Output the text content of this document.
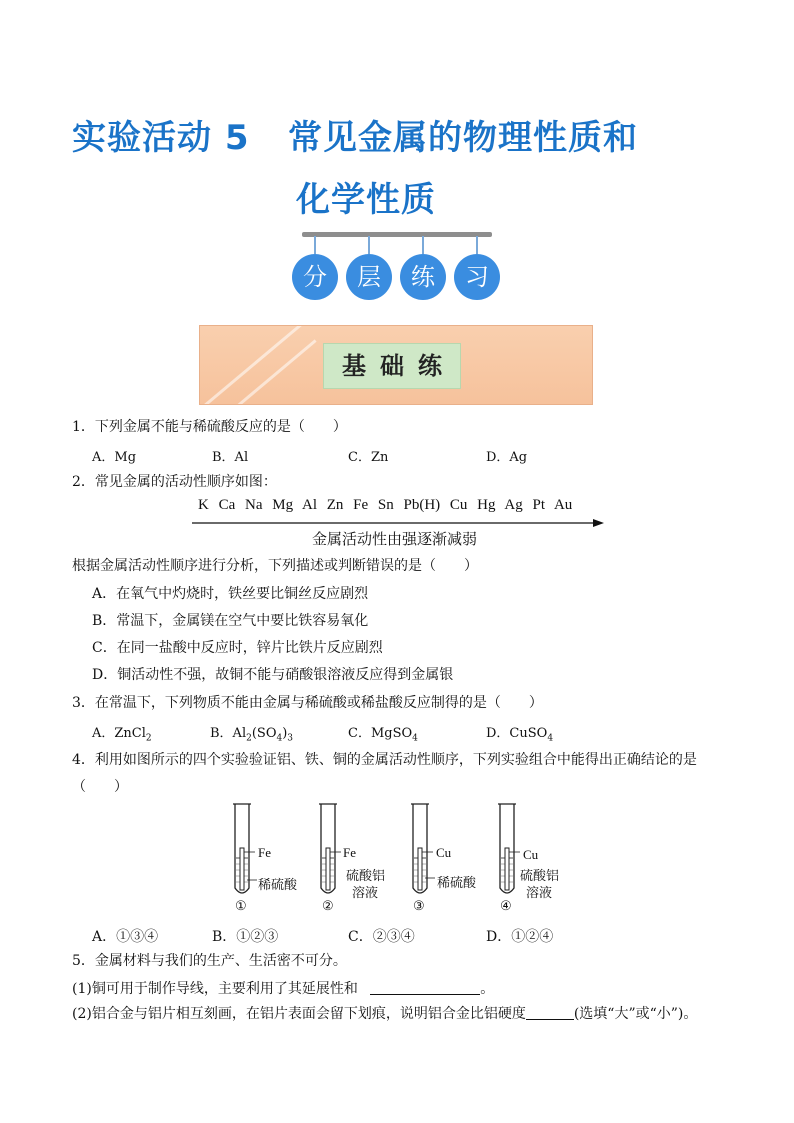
实验活动 5 常见金属的物理性质和
化学性质
分	层	练	习
基础练
1．下列金属不能与稀硫酸反应的是（　　）
A．Mg	B．Al	C．Zn	D．Ag
2．常见金属的活动性顺序如图：
K Ca Na Mg Al Zn Fe Sn Pb(H) Cu Hg Ag Pt Au
金属活动性由强逐渐减弱
根据金属活动性顺序进行分析，下列描述或判断错误的是（　　）
A．在氧气中灼烧时，铁丝要比铜丝反应剧烈
B．常温下，金属镁在空气中要比铁容易氧化
C．在同一盐酸中反应时，锌片比铁片反应剧烈
D．铜活动性不强，故铜不能与硝酸银溶液反应得到金属银
3．在常温下，下列物质不能由金属与稀硫酸或稀盐酸反应制得的是（　　）
A．ZnCl$_2$	B．$Al_2(SO_4)_3$	C．MgSO$_4$	D．CuSO$_4$
4．利用如图所示的四个实验验证铝、铁、铜的金属活动性顺序，下列实验组合中能得出正确结论的是
（　　）
Fe
稀硫酸
①
Fe
硫酸铝
溶液
②
Cu
稀硫酸
③
Cu
硫酸铝
溶液
④
A．①③④	B．①②③	C．②③④	D．①②④
5．金属材料与我们的生产、生活密不可分。
(1)铜可用于制作导线，主要利用了其延展性和	。
(2)铝合金与铝片相互刻画，在铝片表面会留下划痕，说明铝合金比铝硬度	(选填“大”或“小”)。
